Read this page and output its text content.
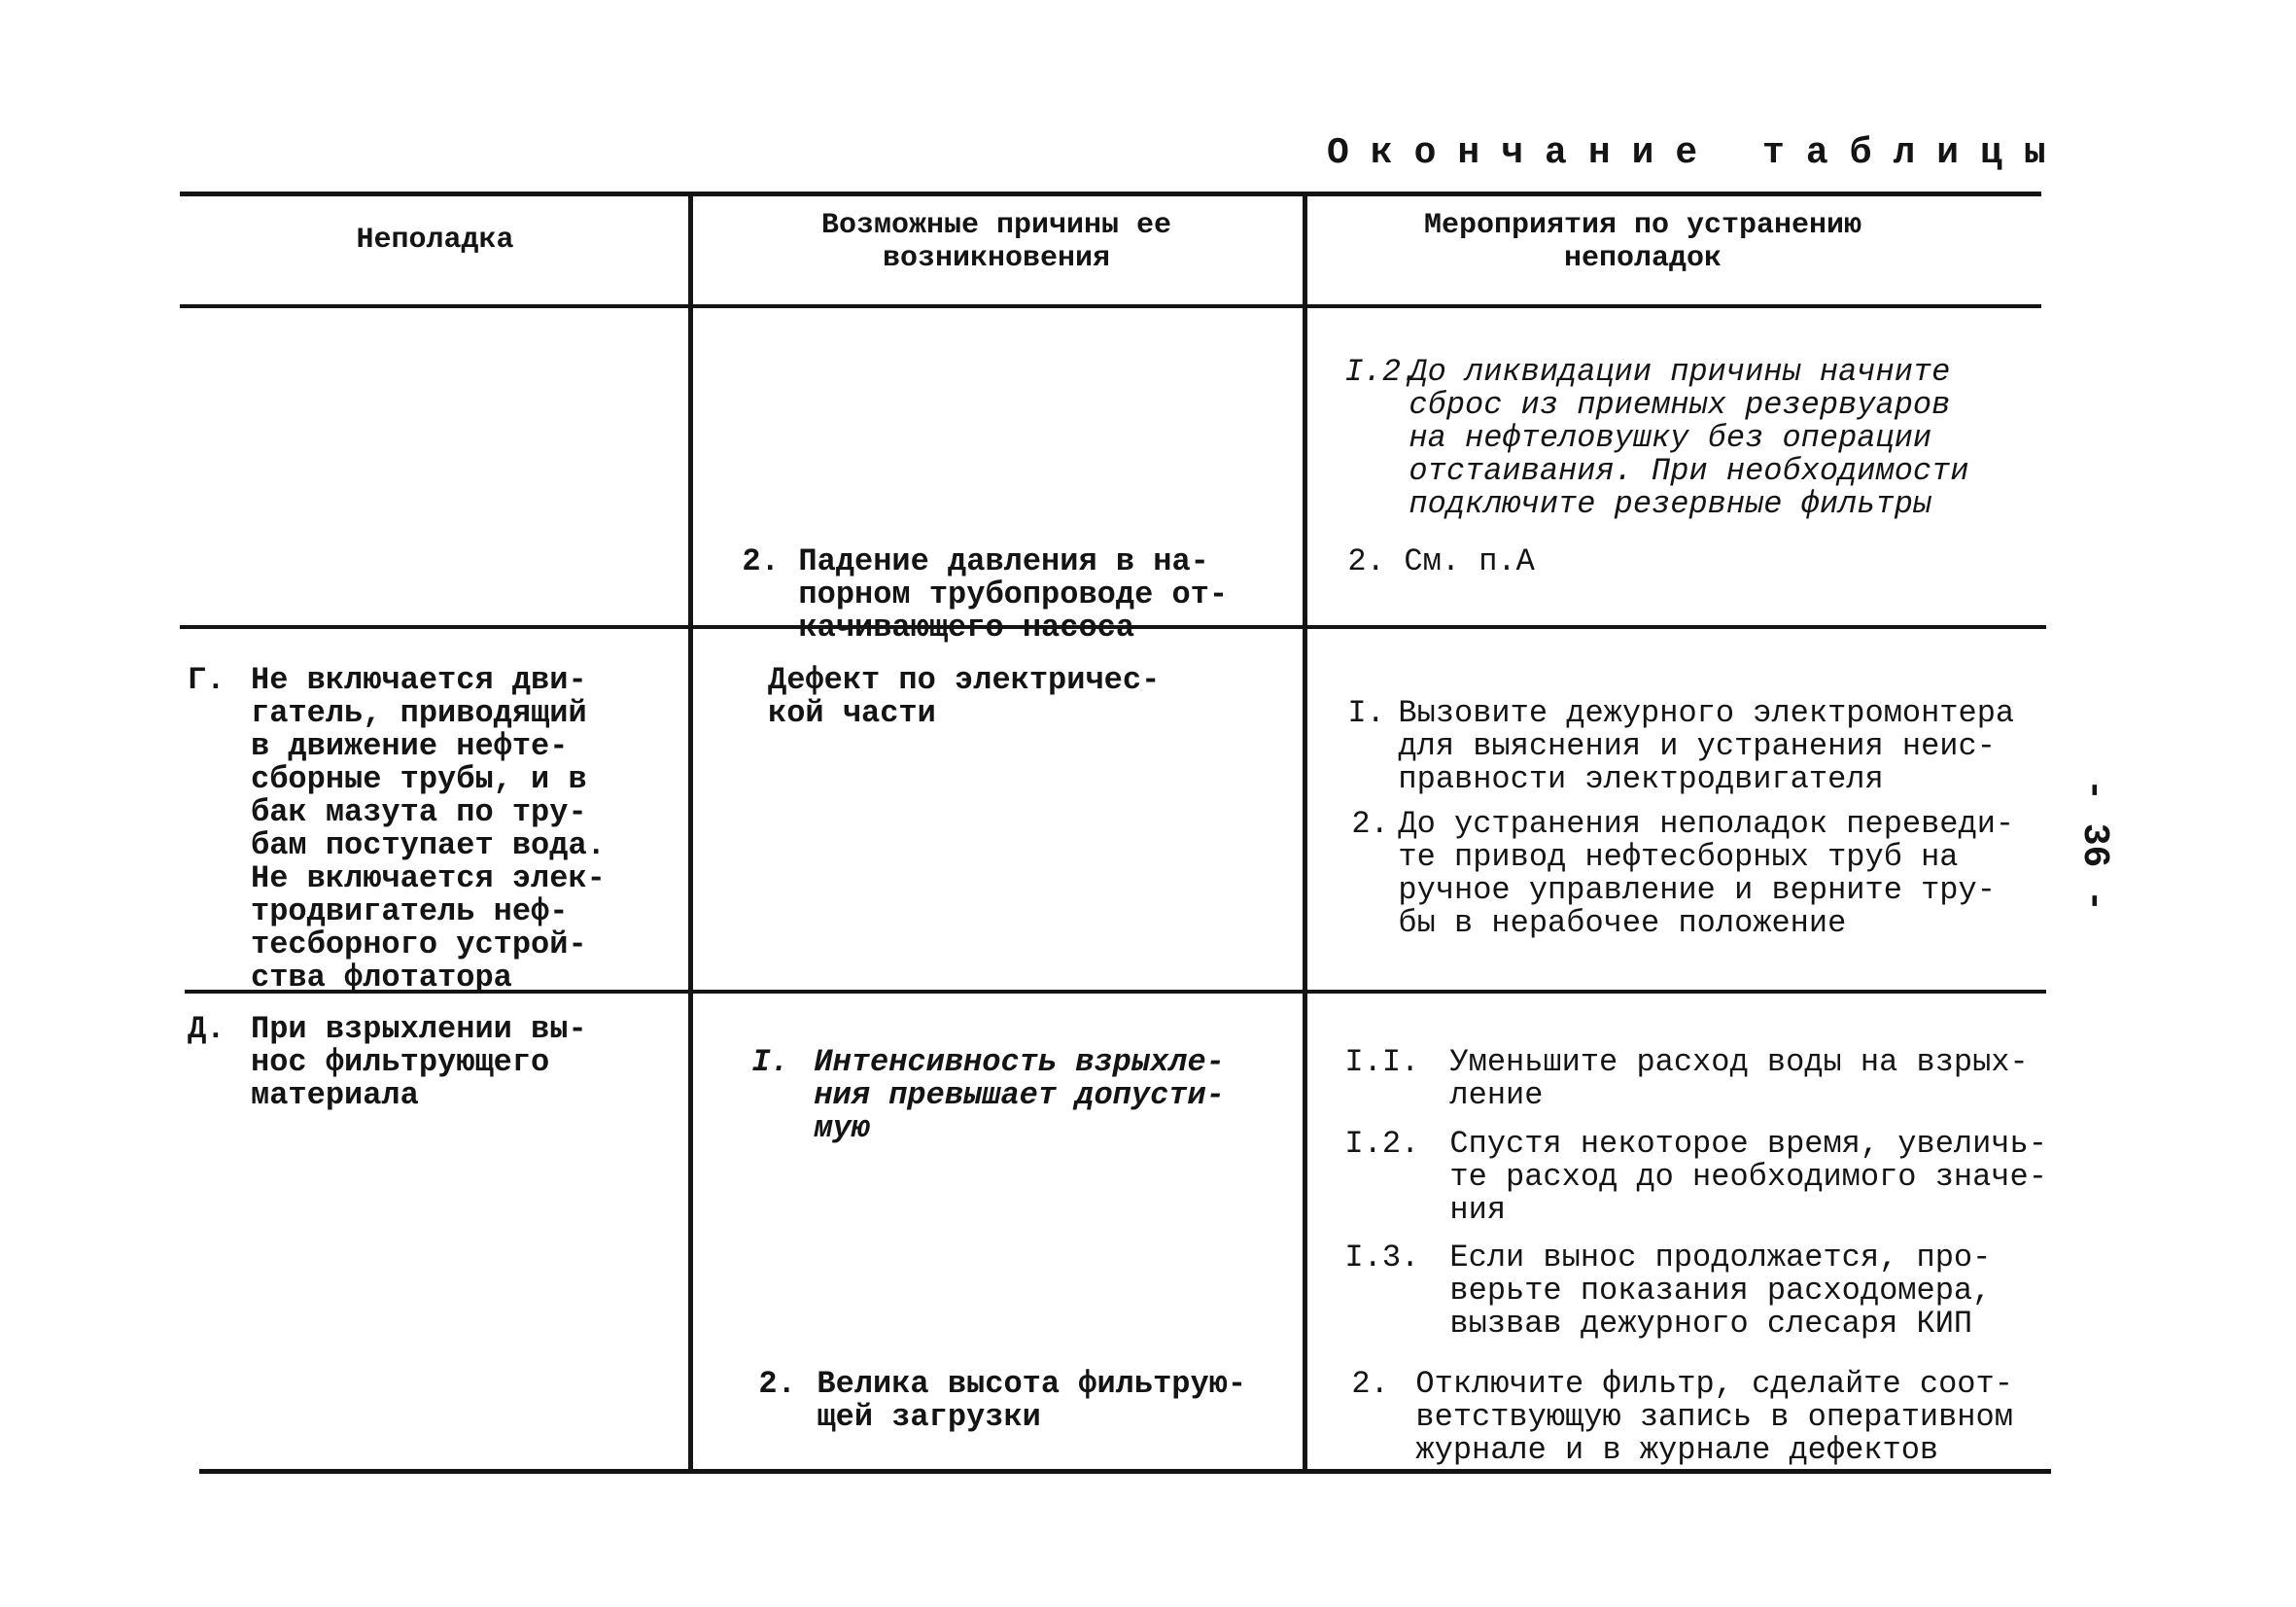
Окончание таблицы
Неполадка	Возможные причины ее возникновения
Мероприятия по устранению неполадок

I.2.До ликвидации причины начните
сброс из приемных резервуаров
на нефтеловушку без операции
отстаивания. При необходимости
подключите резервные фильтры

2. Падение давления в на-
порном трубопроводе от-
качивающего насоса

2. См. п.А

Г. Не включается дви-
гатель, приводящий
в движение нефте-
сборные трубы, и в
бак мазута по тру-
бам поступает вода.
Не включается элек-
тродвигатель неф-
тесборного устрой-
ства флотатора
Дефект по электричес-
кой части	I. Вызовите дежурного электромонтера
для выяснения и устранения неис-
правности электродвигателя

2. До устранения неполадок переведи-
те привод нефтесборных труб на
ручное управление и верните тру-
бы в нерабочее положение

Д. При взрыхлении вы-
нос фильтрующего
материала

I. Интенсивность взрыхле-
ния превышает допусти-
мую

I.I. Уменьшите расход воды на взрых-
ление

I.2. Спустя некоторое время, увеличь-
те расход до необходимого значе-
ния

I.3. Если вынос продолжается, про-
верьте показания расходомера,
вызвав дежурного слесаря КИП

2. Велика высота фильтрую-
щей загрузки

2. Отключите фильтр, сделайте соот-
ветствующую запись в оперативном
журнале и в журнале дефектов

- 36 -
